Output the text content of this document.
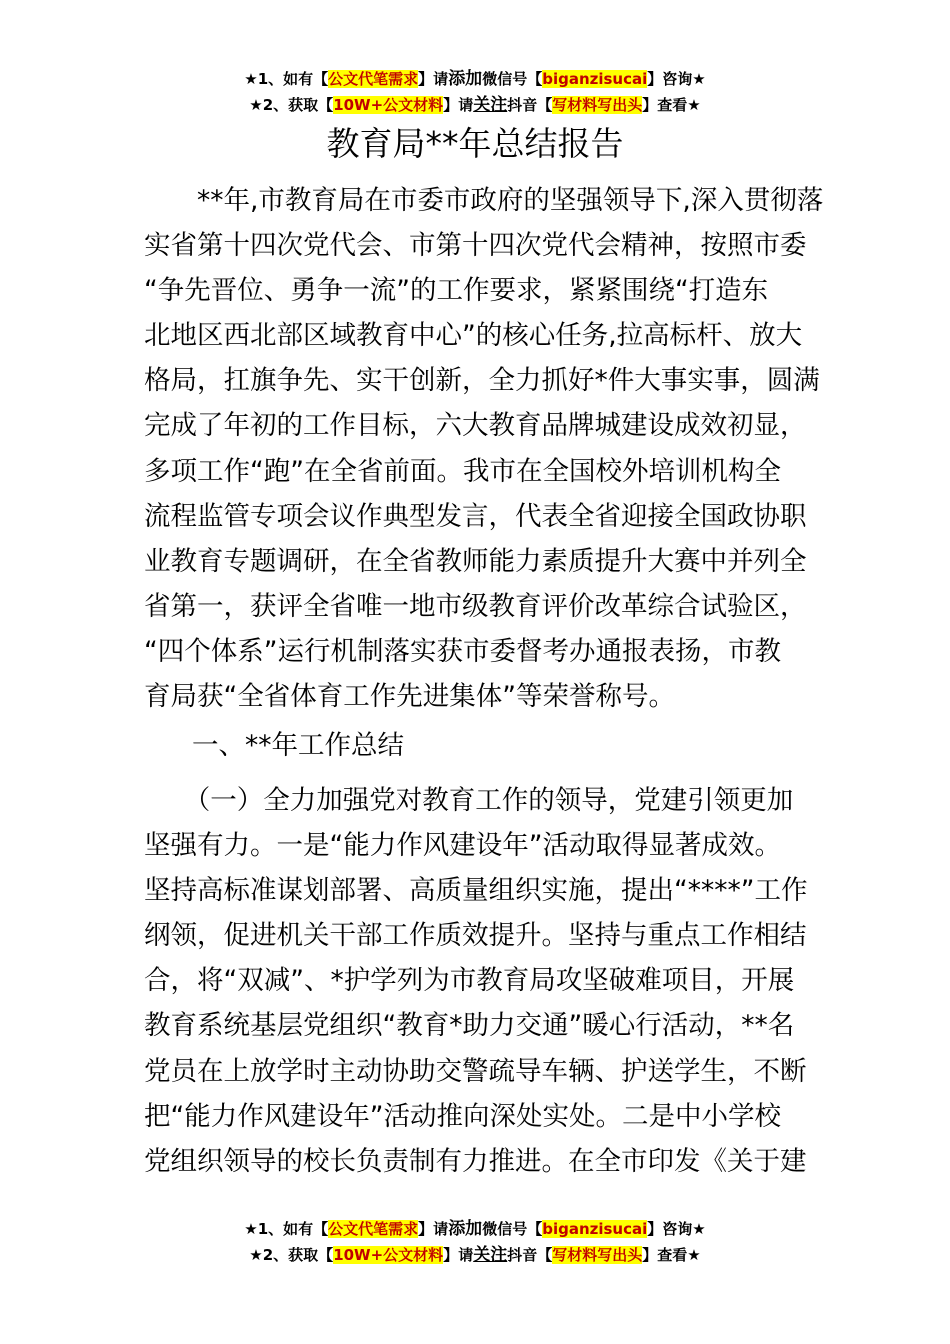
★1、如有【公文代笔需求】请添加微信号【biganzisucai】咨询★
★2、获取【10W+公文材料】请关注抖音【写材料写出头】查看★
教育局**年总结报告
　　**年,市教育局在市委市政府的坚强领导下,深入贯彻落
实省第十四次党代会、市第十四次党代会精神，按照市委
“争先晋位、勇争一流”的工作要求，紧紧围绕“打造东
北地区西北部区域教育中心”的核心任务,拉高标杆、放大
格局，扛旗争先、实干创新，全力抓好*件大事实事，圆满
完成了年初的工作目标，六大教育品牌城建设成效初显，
多项工作“跑”在全省前面。我市在全国校外培训机构全
流程监管专项会议作典型发言，代表全省迎接全国政协职
业教育专题调研，在全省教师能力素质提升大赛中并列全
省第一，获评全省唯一地市级教育评价改革综合试验区，
“四个体系”运行机制落实获市委督考办通报表扬，市教
育局获“全省体育工作先进集体”等荣誉称号。
一、**年工作总结
　　（一）全力加强党对教育工作的领导，党建引领更加
坚强有力。一是“能力作风建设年”活动取得显著成效。
坚持高标准谋划部署、高质量组织实施，提出“****”工作
纲领，促进机关干部工作质效提升。坚持与重点工作相结
合，将“双减”、*护学列为市教育局攻坚破难项目，开展
教育系统基层党组织“教育*助力交通”暖心行活动，**名
党员在上放学时主动协助交警疏导车辆、护送学生，不断
把“能力作风建设年”活动推向深处实处。二是中小学校
党组织领导的校长负责制有力推进。在全市印发《关于建
★1、如有【公文代笔需求】请添加微信号【biganzisucai】咨询★
★2、获取【10W+公文材料】请关注抖音【写材料写出头】查看★
